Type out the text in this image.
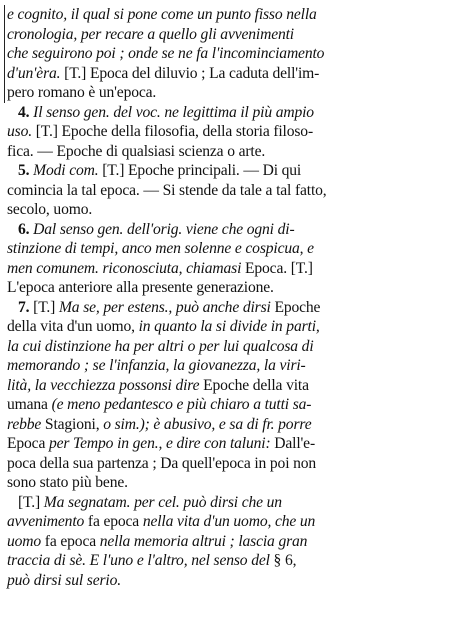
e cognito, il qual si pone come un punto fisso nella
cronologia, per recare a quello gli avvenimenti
che seguirono poi ; onde se ne fa l'incominciamento
d'un'èra. [T.] Epoca del diluvio ; La caduta dell'im-
pero romano è un'epoca.

4. Il senso gen. del voc. ne legittima il più ampio
uso. [T.] Epoche della filosofia, della storia filoso-
fica. — Epoche di qualsiasi scienza o arte.

5. Modi com. [T.] Epoche principali. — Di qui
comincia la tal epoca. — Si stende da tale a tal fatto,
secolo, uomo.

6. Dal senso gen. dell'orig. viene che ogni di-
stinzione di tempi, anco men solenne e cospicua, e
men comunem. riconosciuta, chiamasi Epoca. [T.]
L'epoca anteriore alla presente generazione.

7. [T.] Ma se, per estens., può anche dirsi Epoche
della vita d'un uomo, in quanto la si divide in parti,
la cui distinzione ha per altri o per lui qualcosa di
memorando ; se l'infanzia, la giovanezza, la viri-
lità, la vecchiezza possonsi dire Epoche della vita
umana (e meno pedantesco e più chiaro a tutti sa-
rebbe Stagioni, o sim.); è abusivo, e sa di fr. porre
Epoca per Tempo in gen., e dire con taluni: Dall'e-
poca della sua partenza ; Da quell'epoca in poi non
sono stato più bene.

[T.] Ma segnatam. per cel. può dirsi che un
avvenimento fa epoca nella vita d'un uomo, che un
uomo fa epoca nella memoria altrui ; lascia gran
traccia di sè. E l'uno e l'altro, nel senso del § 6,
può dirsi sul serio.
